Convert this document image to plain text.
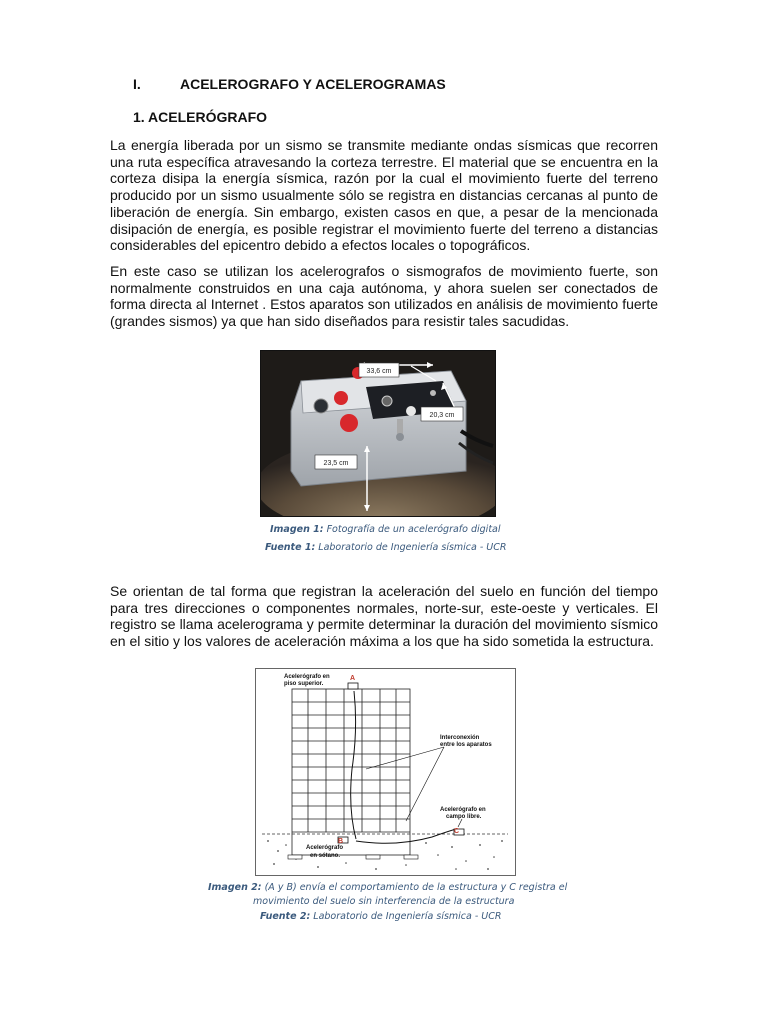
I.	ACELEROGRAFO Y ACELEROGRAMAS
1. ACELERÓGRAFO

La energía liberada por un sismo se transmite mediante ondas sísmicas que recorren una ruta específica atravesando la corteza terrestre. El material que se encuentra en la corteza disipa la energía sísmica, razón por la cual el movimiento fuerte del terreno producido por un sismo usualmente sólo se registra en distancias cercanas al punto de liberación de energía. Sin embargo, existen casos en que, a pesar de la mencionada disipación de energía, es posible registrar el movimiento fuerte del terreno a distancias considerables del epicentro debido a efectos locales o topográficos.

En este caso se utilizan los acelerografos o sismografos de movimiento fuerte, son normalmente construidos en una caja autónoma, y ahora suelen ser conectados de forma directa al Internet . Estos aparatos son utilizados en análisis de movimiento fuerte (grandes sismos) ya que han sido diseñados para resistir tales sacudidas.

33,6 cm
20,3 cm
23,5 cm
Imagen 1: Fotografía de un acelerógrafo digital
Fuente 1: Laboratorio de Ingeniería sísmica - UCR

Se orientan de tal forma que registran la aceleración del suelo en función del tiempo para tres direcciones o componentes normales, norte-sur, este-oeste y verticales. El registro se llama acelerograma y permite determinar la duración del movimiento sísmico en el sitio y los valores de aceleración máxima a los que ha sido sometida la estructura.

A
B
C
Acelerógrafo en
piso superior.
Interconexión
entre los aparatos
Acelerógrafo en
campo libre.
Acelerógrafo
en sótano.
Imagen 2: (A y B) envía el comportamiento de la estructura y C registra el
movimiento del suelo sin interferencia de la estructura
Fuente 2: Laboratorio de Ingeniería sísmica - UCR
